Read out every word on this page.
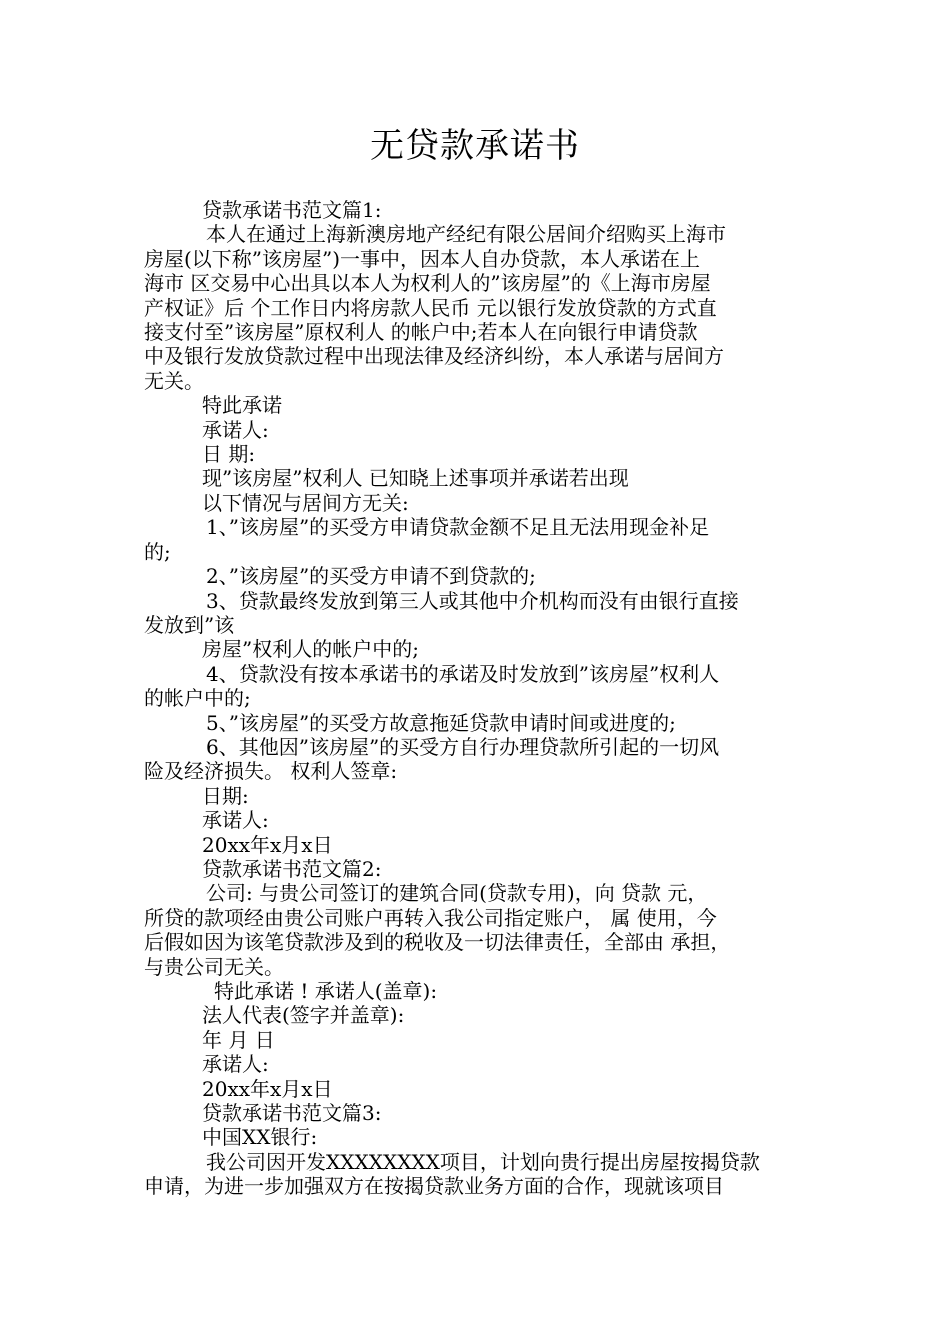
无贷款承诺书

贷款承诺书范文篇1:

本人在通过上海新澳房地产经纪有限公居间介绍购买上海市

房屋(以下称”该房屋”)一事中，因本人自办贷款，本人承诺在上

海市 区交易中心出具以本人为权利人的”该房屋”的《上海市房屋

产权证》后 个工作日内将房款人民币 元以银行发放贷款的方式直

接支付至”该房屋”原权利人 的帐户中;若本人在向银行申请贷款

中及银行发放贷款过程中出现法律及经济纠纷，本人承诺与居间方

无关。

特此承诺

承诺人:

日 期:

现”该房屋”权利人 已知晓上述事项并承诺若出现

以下情况与居间方无关:

1、”该房屋”的买受方申请贷款金额不足且无法用现金补足

的;

2、”该房屋”的买受方申请不到贷款的;

3、贷款最终发放到第三人或其他中介机构而没有由银行直接

发放到”该

房屋”权利人的帐户中的;

4、贷款没有按本承诺书的承诺及时发放到”该房屋”权利人

的帐户中的;

5、”该房屋”的买受方故意拖延贷款申请时间或进度的;

6、其他因”该房屋”的买受方自行办理贷款所引起的一切风

险及经济损失。 权利人签章:

日期:

承诺人:

20xx年x月x日

贷款承诺书范文篇2:

公司: 与贵公司签订的建筑合同(贷款专用)，向 贷款 元，

所贷的款项经由贵公司账户再转入我公司指定账户， 属 使用，今

后假如因为该笔贷款涉及到的税收及一切法律责任，全部由 承担，

与贵公司无关。

特此承诺 ! 承诺人(盖章):

法人代表(签字并盖章):

年 月 日

承诺人:

20xx年x月x日

贷款承诺书范文篇3:

中国XX银行:

我公司因开发XXXXXXXX项目，计划向贵行提出房屋按揭贷款

申请，为进一步加强双方在按揭贷款业务方面的合作，现就该项目
